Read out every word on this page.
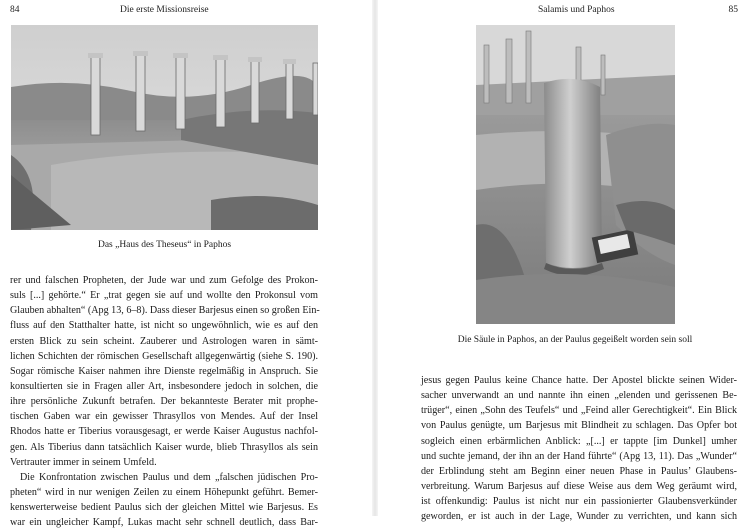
84	Die erste Missionsreise
Das „Haus des Theseus“ in Paphos
rer und falschen Propheten, der Jude war und zum Gefolge des Prokon-
suls [...] gehörte.“ Er „trat gegen sie auf und wollte den Prokonsul vom
Glauben abhalten“ (Apg 13, 6–8). Dass dieser Barjesus einen so großen Ein-
fluss auf den Statthalter hatte, ist nicht so ungewöhnlich, wie es auf den
ersten Blick zu sein scheint. Zauberer und Astrologen waren in sämt-
lichen Schichten der römischen Gesellschaft allgegenwärtig (siehe S. 190).
Sogar römische Kaiser nahmen ihre Dienste regelmäßig in Anspruch. Sie
konsultierten sie in Fragen aller Art, insbesondere jedoch in solchen, die
ihre persönliche Zukunft betrafen. Der bekannteste Berater mit prophe-
tischen Gaben war ein gewisser Thrasyllos von Mendes. Auf der Insel
Rhodos hatte er Tiberius vorausgesagt, er werde Kaiser Augustus nachfol-
gen. Als Tiberius dann tatsächlich Kaiser wurde, blieb Thrasyllos als sein
Vertrauter immer in seinem Umfeld.
Die Konfrontation zwischen Paulus und dem „falschen jüdischen Pro-
pheten“ wird in nur wenigen Zeilen zu einem Höhepunkt geführt. Bemer-
kenswerterweise bedient Paulus sich der gleichen Mittel wie Barjesus. Es
war ein ungleicher Kampf, Lukas macht sehr schnell deutlich, dass Bar-
Salamis und Paphos	85
Die Säule in Paphos, an der Paulus gegeißelt worden sein soll
jesus gegen Paulus keine Chance hatte. Der Apostel blickte seinen Wider-
sacher unverwandt an und nannte ihn einen „elenden und gerissenen Be-
trüger“, einen „Sohn des Teufels“ und „Feind aller Gerechtigkeit“. Ein Blick
von Paulus genügte, um Barjesus mit Blindheit zu schlagen. Das Opfer bot
sogleich einen erbärmlichen Anblick: „[...] er tappte [im Dunkel] umher
und suchte jemand, der ihn an der Hand führte“ (Apg 13, 11). Das „Wunder“
der Erblindung steht am Beginn einer neuen Phase in Paulus’ Glaubens-
verbreitung. Warum Barjesus auf diese Weise aus dem Weg geräumt wird,
ist offenkundig: Paulus ist nicht nur ein passionierter Glaubensverkünder
geworden, er ist auch in der Lage, Wunder zu verrichten, und kann sich
